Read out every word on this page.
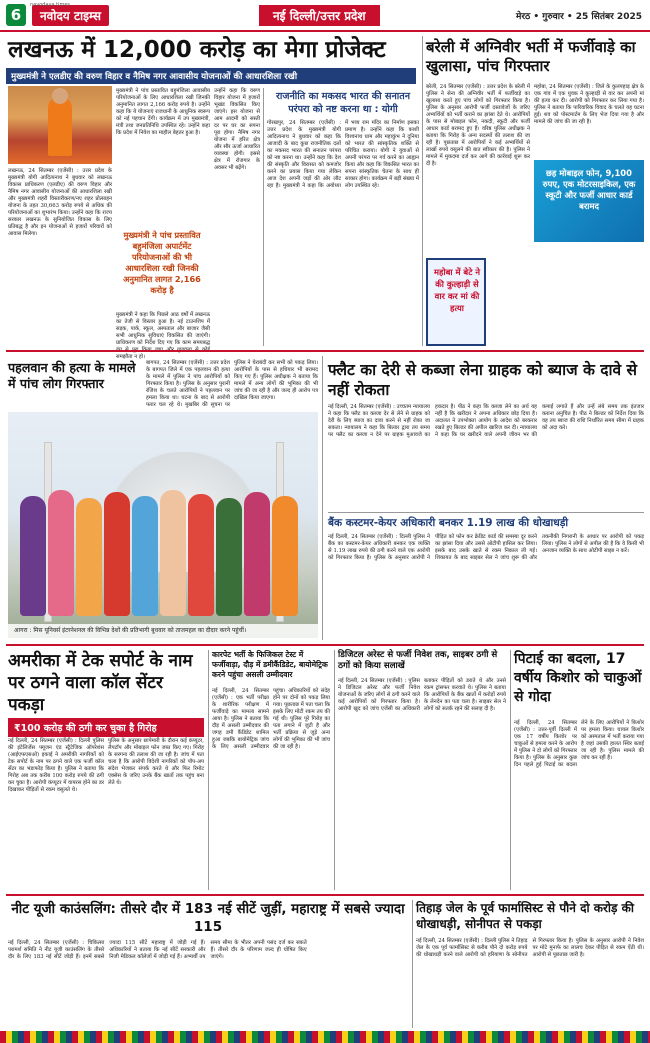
6	नवोदय टाइम्स	नई दिल्ली/उत्तर प्रदेश	मेरठ • गुरुवार • 25 सितंबर 2025
navodaya times
लखनऊ में 12,000 करोड़ का मेगा प्रोजेक्ट
मुख्यमंत्री ने एलडीए की वरुण विहार व नैमिष नगर आवासीय योजनाओं की आधारशिला रखी
लखनऊ, 24 सितम्बर (एजेंसी) : उत्तर प्रदेश के मुख्यमंत्री योगी आदित्यनाथ ने बुधवार को लखनऊ विकास प्राधिकरण (एलडीए) की वरुण विहार और नैमिष नगर आवासीय योजनाओं की आधारशिला रखी और मुख्यमंत्री शहरी विस्तारीकरण/नए शहर प्रोत्साहन योजना के तहत 30,663 करोड़ रुपये से अधिक की परियोजनाओं का शुभारंभ किया। उन्होंने कहा कि राज्य सरकार लखनऊ के सुनियोजित विकास के लिए प्रतिबद्ध है और इन योजनाओं से हजारों परिवारों को आवास मिलेगा।
मुख्यमंत्री ने पांच प्रस्तावित बहुमंजिला आवासीय परियोजनाओं के लिए आधारशिला रखी जिनकी अनुमानित लागत 2,166 करोड़ रुपये है। उन्होंने कहा कि ये योजनाएं राजधानी के आधुनिक स्वरूप को नई पहचान देंगी। कार्यक्रम में उप मुख्यमंत्री, मंत्री तथा जनप्रतिनिधि उपस्थित रहे। उन्होंने कहा कि प्रदेश में निवेश का माहौल बेहतर हुआ है।
मुख्यमंत्री ने पांच प्रस्तावित बहुमंजिला अपार्टमेंट परियोजनाओं की भी आधारशिला रखी जिनकी अनुमानित लागत 2,166 करोड़ है
मुख्यमंत्री ने कहा कि पिछले आठ वर्षों में लखनऊ का तेजी से विस्तार हुआ है। नई टाउनशिप में सड़क, पार्क, स्कूल, अस्पताल और बाजार जैसी सभी आधुनिक सुविधाएं विकसित की जाएंगी। प्राधिकरण को निर्देश दिए गए कि काम समयबद्ध समझौता न हो।
उन्होंने कहा कि वरुण विहार योजना में हजारों भूखंड विकसित किए जाएंगे। इस योजना से आम आदमी को सस्ती दर पर घर का सपना पूरा होगा। नैमिष नगर योजना में हरित क्षेत्र और सौर ऊर्जा आधारित व्यवस्था होगी। इससे क्षेत्र में रोजगार के अवसर भी बढ़ेंगे।
राजनीति का मकसद भारत की सनातन परंपरा को नष्ट करना था : योगी
गोरखपुर, 24 सितम्बर (एजेंसी) : उत्तर प्रदेश के मुख्यमंत्री योगी आदित्यनाथ ने बुधवार को कहा कि आजादी के बाद कुछ राजनीतिक दलों का मकसद भारत की सनातन परंपरा को नष्ट करना था। उन्होंने कहा कि देश की संस्कृति और विरासत को कमजोर करने का प्रयास किया गया लेकिन आज देश अपनी जड़ों की ओर लौट रहा है। मुख्यमंत्री ने कहा कि अयोध्या में भव्य राम मंदिर का निर्माण इसका प्रमाण है। उन्होंने कहा कि काशी विश्वनाथ धाम और महाकुंभ ने दुनिया को भारत की सांस्कृतिक शक्ति से परिचित कराया। योगी ने युवाओं से अपनी परंपरा पर गर्व करने का आह्वान किया और कहा कि विकसित भारत का सपना सांस्कृतिक चेतना के साथ ही साकार होगा। कार्यक्रम में बड़ी संख्या में लोग उपस्थित रहे।
बरेली में अग्निवीर भर्ती में फर्जीवाड़े का खुलासा, पांच गिरफ्तार
बरेली, 24 सितम्बर (एजेंसी) : उत्तर प्रदेश के बरेली में पुलिस ने सेना की अग्निवीर भर्ती में फर्जीवाड़े का खुलासा करते हुए पांच लोगों को गिरफ्तार किया है। पुलिस के अनुसार आरोपी फर्जी दस्तावेजों के जरिए अभ्यर्थियों को भर्ती कराने का झांसा देते थे। आरोपियों के पास से मोबाइल फोन, नकदी, स्कूटी और फर्जी आधार कार्ड बरामद हुए हैं। वरिष्ठ पुलिस अधीक्षक ने बताया कि गिरोह के अन्य सदस्यों की तलाश की जा रही है। पूछताछ में आरोपियों ने कई अभ्यर्थियों से लाखों रुपये वसूलने की बात स्वीकार की है। पुलिस ने मामले में मुकदमा दर्ज कर आगे की कार्रवाई शुरू कर दी है।
छह मोबाइल फोन, 9,100 रुपए, एक मोटरसाइकिल, एक स्कूटी और फर्जी आधार कार्ड बरामद
महोबा, 24 सितम्बर (एजेंसी) : जिले के कुलपहाड़ क्षेत्र के एक गांव में एक युवक ने कुल्हाड़ी से वार कर अपनी मां की हत्या कर दी। आरोपी को गिरफ्तार कर लिया गया है। पुलिस ने बताया कि पारिवारिक विवाद के चलते यह घटना हुई। शव को पोस्टमार्टम के लिए भेज दिया गया है और मामले की जांच की जा रही है।
महोबा में बेटे ने की कुल्हाड़ी से वार कर मां की हत्या
पहलवान की हत्या के मामले में पांच लोग गिरफ्तार
आगरा : मिस यूनिवर्स इंटरनेशनल की विभिन्न देशों की प्रतिभागी बुधवार को ताजमहल का दीदार करने पहुंचीं।
बागपत, 24 सितम्बर (एजेंसी) : उत्तर प्रदेश के बागपत जिले में एक पहलवान की हत्या के मामले में पुलिस ने पांच आरोपियों को गिरफ्तार किया है। पुलिस के अनुसार पुरानी रंजिश के चलते आरोपियों ने पहलवान पर हमला किया था। घटना के बाद से आरोपी फरार चल रहे थे। मुखबिर की सूचना पर पुलिस ने घेराबंदी कर सभी को पकड़ लिया। आरोपियों के पास से हथियार भी बरामद किए गए हैं। पुलिस अधीक्षक ने बताया कि मामले में अन्य लोगों की भूमिका की भी जांच की जा रही है और जल्द ही आरोप पत्र दाखिल किया जाएगा।
फ्लैट का देरी से कब्जा लेना ग्राहक को ब्याज के दावे से नहीं रोकता
नई दिल्ली, 24 सितम्बर (एजेंसी) : उच्चतम न्यायालय ने कहा कि फ्लैट का कब्जा देर से लेने से ग्राहक को देरी के लिए ब्याज का दावा करने से नहीं रोका जा सकता। न्यायालय ने कहा कि बिल्डर द्वारा तय समय पर फ्लैट का कब्जा न देने पर ग्राहक मुआवजे का हकदार है। पीठ ने कहा कि कब्जा लेने का अर्थ यह नहीं है कि खरीदार ने अपना अधिकार छोड़ दिया है। अदालत ने उपभोक्ता आयोग के आदेश को बरकरार रखते हुए बिल्डर की अपील खारिज कर दी। न्यायालय ने कहा कि घर खरीदने वाले अपनी जीवन भर की कमाई लगाते हैं और उन्हें लंबे समय तक इंतजार कराना अनुचित है। पीठ ने बिल्डर को निर्देश दिया कि वह तय ब्याज की राशि निर्धारित समय सीमा में ग्राहक को अदा करे।
बैंक कस्टमर-केयर अधिकारी बनकर 1.19 लाख की धोखाधड़ी
नई दिल्ली, 24 सितम्बर (एजेंसी) : दिल्ली पुलिस ने बैंक का कस्टमर-केयर अधिकारी बनकर एक व्यक्ति से 1.19 लाख रुपये की ठगी करने वाले एक आरोपी को गिरफ्तार किया है। पुलिस के अनुसार आरोपी ने पीड़ित को फोन कर क्रेडिट कार्ड की समस्या दूर करने का झांसा दिया और उससे ओटीपी हासिल कर लिया। इसके बाद उसके खाते से रकम निकाल ली गई। शिकायत के बाद साइबर सेल ने जांच शुरू की और तकनीकी निगरानी के आधार पर आरोपी को पकड़ लिया। पुलिस ने लोगों से अपील की है कि वे किसी भी अनजान व्यक्ति के साथ ओटीपी साझा न करें।
अमरीका में टेक सपोर्ट के नाम पर ठगने वाला कॉल सेंटर पकड़ा
₹100 करोड़ की ठगी कर चुका है गिरोह
नई दिल्ली, 24 सितम्बर (एजेंसी) : दिल्ली पुलिस की इंटेलिजेंस फ्यूजन एंड स्ट्रैटेजिक ऑपरेशंस (आईएफएसओ) इकाई ने अमरीकी नागरिकों को टेक सपोर्ट के नाम पर ठगने वाले एक फर्जी कॉल सेंटर का भंडाफोड़ किया है। पुलिस ने बताया कि गिरोह अब तक करीब 100 करोड़ रुपये की ठगी कर चुका है। आरोपी कंप्यूटर में वायरस होने का डर दिखाकर पीड़ितों से रकम वसूलते थे।
पुलिस के अनुसार छापेमारी के दौरान कई कंप्यूटर, लैपटॉप और मोबाइल फोन जब्त किए गए। गिरोह के सरगना की तलाश की जा रही है। जांच में पता चला है कि आरोपी विदेशी नागरिकों को पॉप-अप संदेश भेजकर संपर्क करते थे और फिर रिमोट एक्सेस के जरिए उनके बैंक खातों तक पहुंच बना लेते थे।
कारपेट भर्ती के फिजिकल टेस्ट में फर्जीवाड़ा, दौड़ में डमीकैंडिडेट, बायोमेट्रिक करने पहुंचा असली उम्मीदवार
नई दिल्ली, 24 सितम्बर (एजेंसी) : एक भर्ती परीक्षा के शारीरिक परीक्षण में फर्जीवाड़े का मामला सामने आया है। पुलिस ने बताया कि दौड़ में असली उम्मीदवार की जगह डमी कैंडिडेट शामिल हुआ जबकि बायोमेट्रिक जांच के लिए असली उम्मीदवार पहुंचा। अधिकारियों को संदेह होने पर दोनों को पकड़ लिया गया। पूछताछ में पता चला कि इसके लिए मोटी रकम तय की गई थी। पुलिस पूरे गिरोह का पता लगाने में जुटी है और भर्ती प्रक्रिया से जुड़े अन्य लोगों की भूमिका की भी जांच की जा रही है।
डिजिटल अरेस्ट से फर्जी निवेश तक, साइबर ठगी से ठगों को किया सलाखें
नई दिल्ली, 24 सितम्बर (एजेंसी) : पुलिस ने डिजिटल अरेस्ट और फर्जी निवेश योजनाओं के जरिए लोगों से ठगी करने वाले कई आरोपियों को गिरफ्तार किया है। आरोपी खुद को जांच एजेंसी का अधिकारी बताकर पीड़ितों को डराते थे और उनसे रकम ट्रांसफर करवाते थे। पुलिस ने बताया कि आरोपियों के बैंक खातों में करोड़ों रुपये के लेनदेन का पता चला है। साइबर सेल ने लोगों को सतर्क रहने की सलाह दी है।
पिटाई का बदला, 17 वर्षीय किशोर को चाकुओं से गोदा
नई दिल्ली, 24 सितम्बर (एजेंसी) : उत्तर-पूर्वी दिल्ली में एक 17 वर्षीय किशोर पर चाकुओं से हमला करने के आरोप में पुलिस ने दो लोगों को गिरफ्तार किया है। पुलिस के अनुसार कुछ दिन पहले हुई पिटाई का बदला लेने के लिए आरोपियों ने किशोर पर हमला किया। घायल किशोर को अस्पताल में भर्ती कराया गया है जहां उसकी हालत स्थिर बताई जा रही है। पुलिस मामले की जांच कर रही है।
नीट यूजी काउंसलिंग: तीसरे दौर में 183 नई सीटें जुड़ीं, महाराष्ट्र में सबसे ज्यादा 115
नई दिल्ली, 24 सितम्बर (एजेंसी) : चिकित्सा परामर्श समिति ने नीट यूजी काउंसलिंग के तीसरे दौर के लिए 183 नई सीटें जोड़ी हैं। इनमें सबसे ज्यादा 115 सीटें महाराष्ट्र में जोड़ी गई हैं। अधिकारियों ने बताया कि नई सीटें सरकारी और निजी मेडिकल कॉलेजों में जोड़ी गई हैं। अभ्यर्थी तय समय सीमा के भीतर अपनी पसंद दर्ज कर सकते हैं। तीसरे दौर के परिणाम जल्द ही घोषित किए जाएंगे।
तिहाड़ जेल के पूर्व फार्मासिस्ट से पौने दो करोड़ की धोखाधड़ी, सोनीपत से पकड़ा
नई दिल्ली, 24 सितम्बर (एजेंसी) : दिल्ली पुलिस ने तिहाड़ जेल के एक पूर्व फार्मासिस्ट से करीब पौने दो करोड़ रुपये की धोखाधड़ी करने वाले आरोपी को हरियाणा के सोनीपत से गिरफ्तार किया है। पुलिस के अनुसार आरोपी ने निवेश पर मोटे मुनाफे का लालच देकर पीड़ित से रकम ऐंठी थी। आरोपी से पूछताछ जारी है।
